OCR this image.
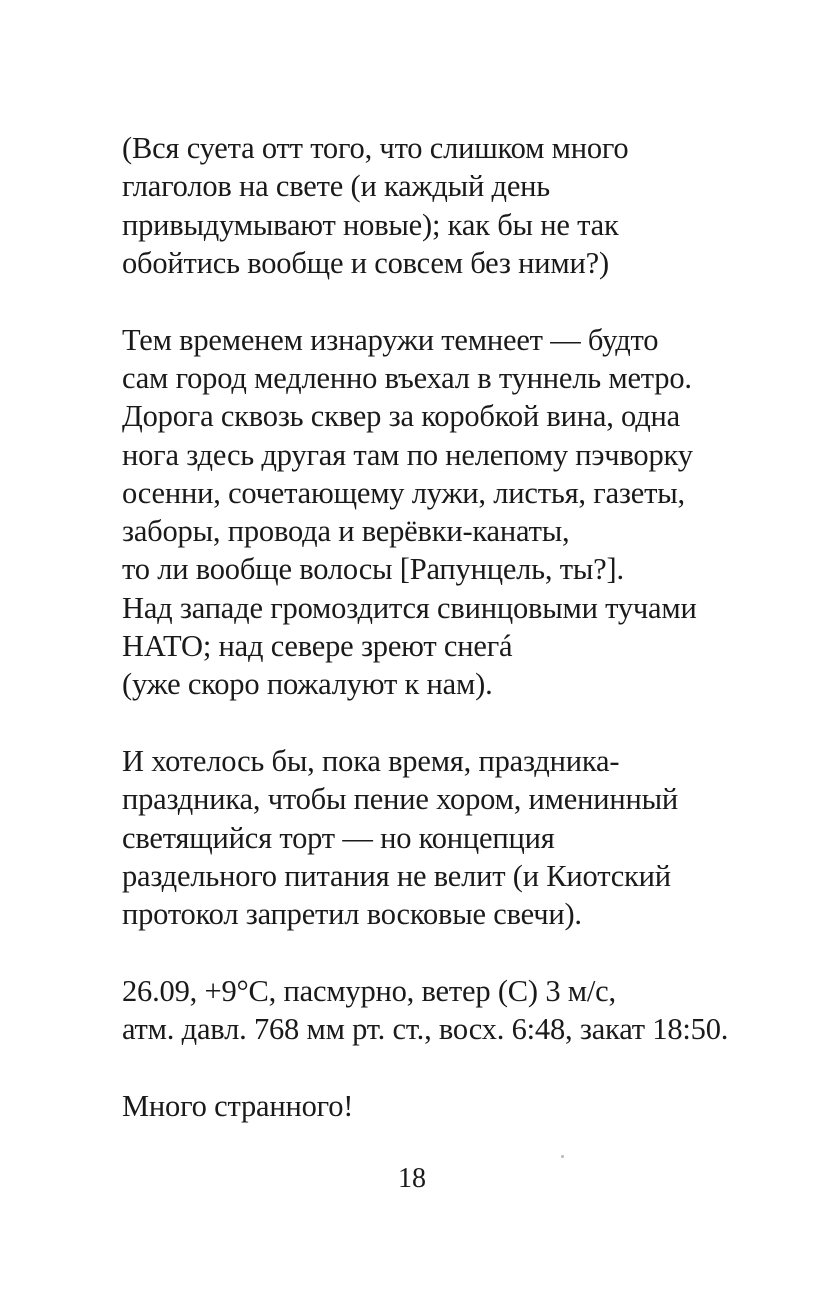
(Вся суета отт того, что слишком много
глаголов на свете (и каждый день
привыдумывают новые); как бы не так
обойтись вообще и совсем без ними?)
Тем временем изнаружи темнеет — будто
сам город медленно въехал в туннель метро.
Дорога сквозь сквер за коробкой вина, одна
нога здесь другая там по нелепому пэчворку
осенни, сочетающему лужи, листья, газеты,
заборы, провода и верёвки-канаты,
то ли вообще волосы [Рапунцель, ты?].
Над западе громоздится свинцовыми тучами
НАТО; над севере зреют снегá
(уже скоро пожалуют к нам).
И хотелось бы, пока время, праздника-
праздника, чтобы пение хором, именинный
светящийся торт — но концепция
раздельного питания не велит (и Киотский
протокол запретил восковые свечи).
26.09, +9°C, пасмурно, ветер (С) 3 м/с,
атм. давл. 768 мм рт. ст., восх. 6:48, закат 18:50.
Много странного!
18
